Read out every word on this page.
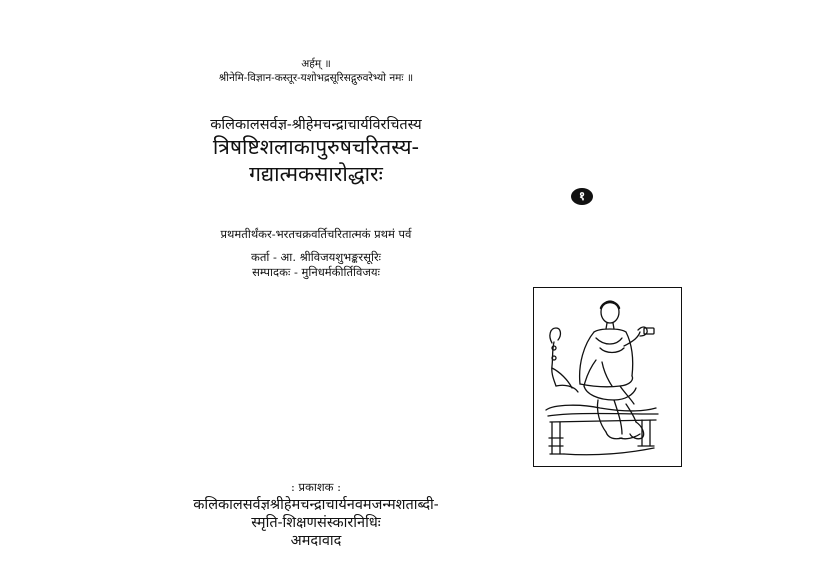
अर्हम् ॥
श्रीनेमि-विज्ञान-कस्तूर-यशोभद्रसूरिसद्गुरुवरेभ्यो नमः ॥
कलिकालसर्वज्ञ-श्रीहेमचन्द्राचार्यविरचितस्य
त्रिषष्टिशलाकापुरुषचरितस्य-
गद्यात्मकसारोद्धारः
१
प्रथमतीर्थंकर-भरतचक्रवर्तिचरितात्मकं प्रथमं पर्व
कर्ता - आ. श्रीविजयशुभङ्करसूरिः
सम्पादकः - मुनिधर्मकीर्तिविजयः
: प्रकाशक :
कलिकालसर्वज्ञश्रीहेमचन्द्राचार्यनवमजन्मशताब्दी-
स्मृति-शिक्षणसंस्कारनिधिः
अमदावाद
